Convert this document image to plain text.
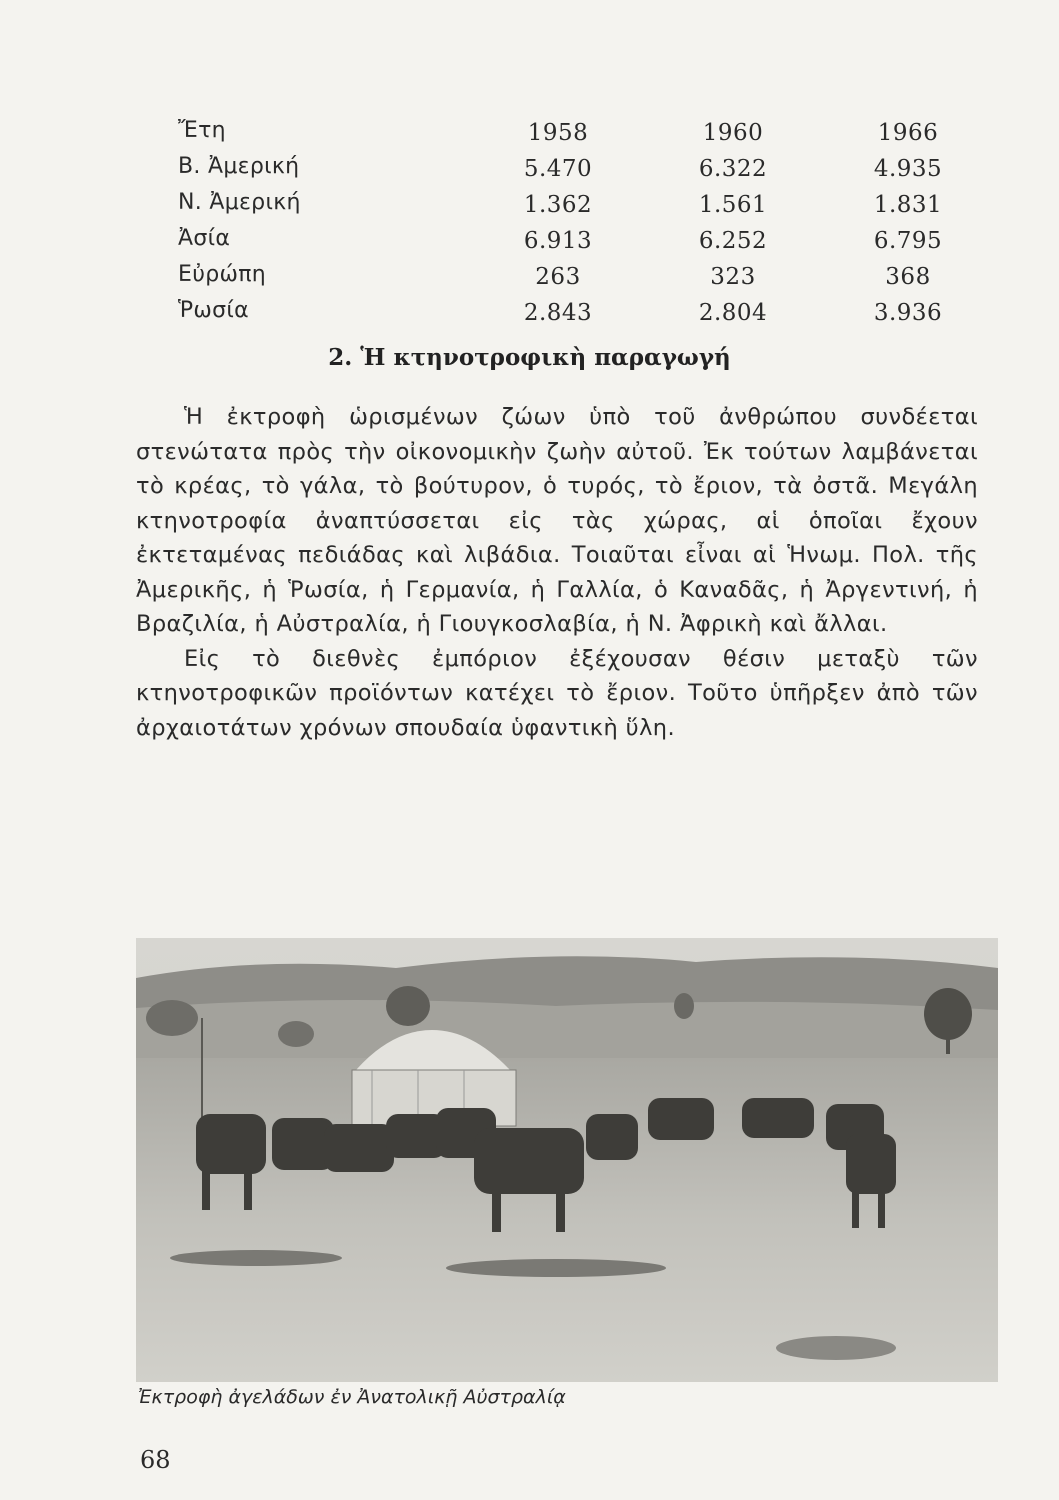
Ἔτη	1958	1960	1966
Β. Ἀμερική	5.470	6.322	4.935
Ν. Ἀμερική	1.362	1.561	1.831
Ἀσία	6.913	6.252	6.795
Εὐρώπη	263	323	368
Ῥωσία	2.843	2.804	3.936
2. Ἡ κτηνοτροφικὴ παραγωγή

Ἡ ἐκτροφὴ ὡρισμένων ζώων ὑπὸ τοῦ ἀνθρώπου συνδέεται στενώτατα πρὸς τὴν οἰκονομικὴν ζωὴν αὐτοῦ. Ἐκ τούτων λαμβάνεται τὸ κρέας, τὸ γάλα, τὸ βούτυρον, ὁ τυρός, τὸ ἔριον, τὰ ὀστᾶ. Μεγάλη κτηνοτροφία ἀναπτύσσεται εἰς τὰς χώρας, αἱ ὁποῖαι ἔχουν ἐκτεταμένας πεδιάδας καὶ λιβάδια. Τοιαῦται εἶναι αἱ Ἡνωμ. Πολ. τῆς Ἀμερικῆς, ἡ Ῥωσία, ἡ Γερμανία, ἡ Γαλλία, ὁ Καναδᾶς, ἡ Ἀργεντινή, ἡ Βραζιλία, ἡ Αὐστραλία, ἡ Γιουγκοσλαβία, ἡ Ν. Ἀφρικὴ καὶ ἄλλαι.

Εἰς τὸ διεθνὲς ἐμπόριον ἐξέχουσαν θέσιν μεταξὺ τῶν κτηνοτροφικῶν προϊόντων κατέχει τὸ ἔριον. Τοῦτο ὑπῆρξεν ἀπὸ τῶν ἀρχαιοτάτων χρόνων σπουδαία ὑφαντικὴ ὕλη.

Ἐκτροφὴ ἀγελάδων ἐν Ἀνατολικῇ Αὐστραλίᾳ
68
